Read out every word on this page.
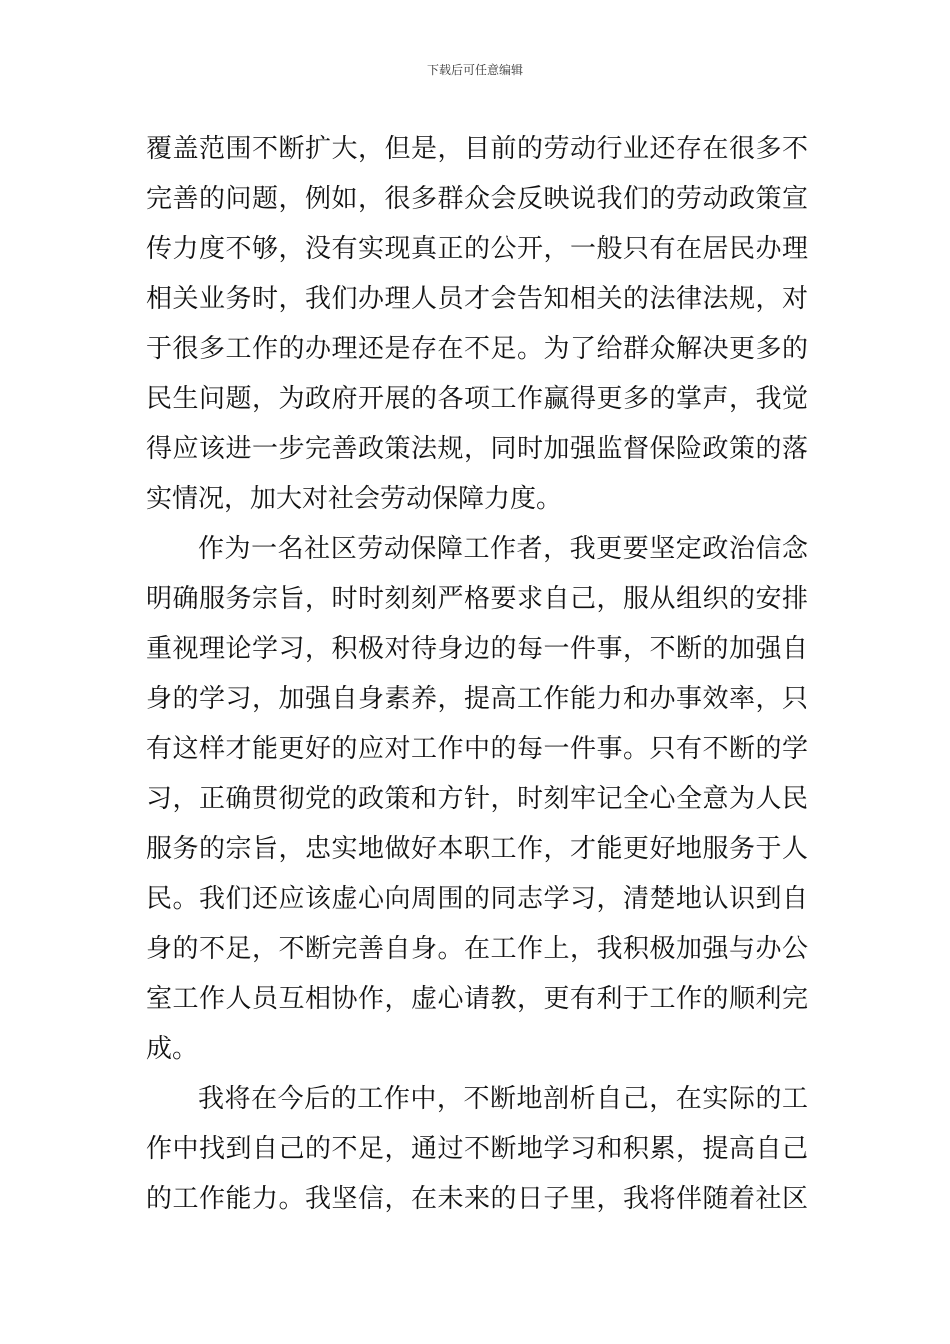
下载后可任意编辑
覆盖范围不断扩大，但是，目前的劳动行业还存在很多不
完善的问题，例如，很多群众会反映说我们的劳动政策宣
传力度不够，没有实现真正的公开，一般只有在居民办理
相关业务时，我们办理人员才会告知相关的法律法规，对
于很多工作的办理还是存在不足。为了给群众解决更多的
民生问题，为政府开展的各项工作赢得更多的掌声，我觉
得应该进一步完善政策法规，同时加强监督保险政策的落
实情况，加大对社会劳动保障力度。
作为一名社区劳动保障工作者，我更要坚定政治信念
明确服务宗旨，时时刻刻严格要求自己，服从组织的安排
重视理论学习，积极对待身边的每一件事，不断的加强自
身的学习，加强自身素养，提高工作能力和办事效率，只
有这样才能更好的应对工作中的每一件事。只有不断的学
习，正确贯彻党的政策和方针，时刻牢记全心全意为人民
服务的宗旨，忠实地做好本职工作，才能更好地服务于人
民。我们还应该虚心向周围的同志学习，清楚地认识到自
身的不足，不断完善自身。在工作上，我积极加强与办公
室工作人员互相协作，虚心请教，更有利于工作的顺利完
成。
我将在今后的工作中，不断地剖析自己，在实际的工
作中找到自己的不足，通过不断地学习和积累，提高自己
的工作能力。我坚信，在未来的日子里，我将伴随着社区
